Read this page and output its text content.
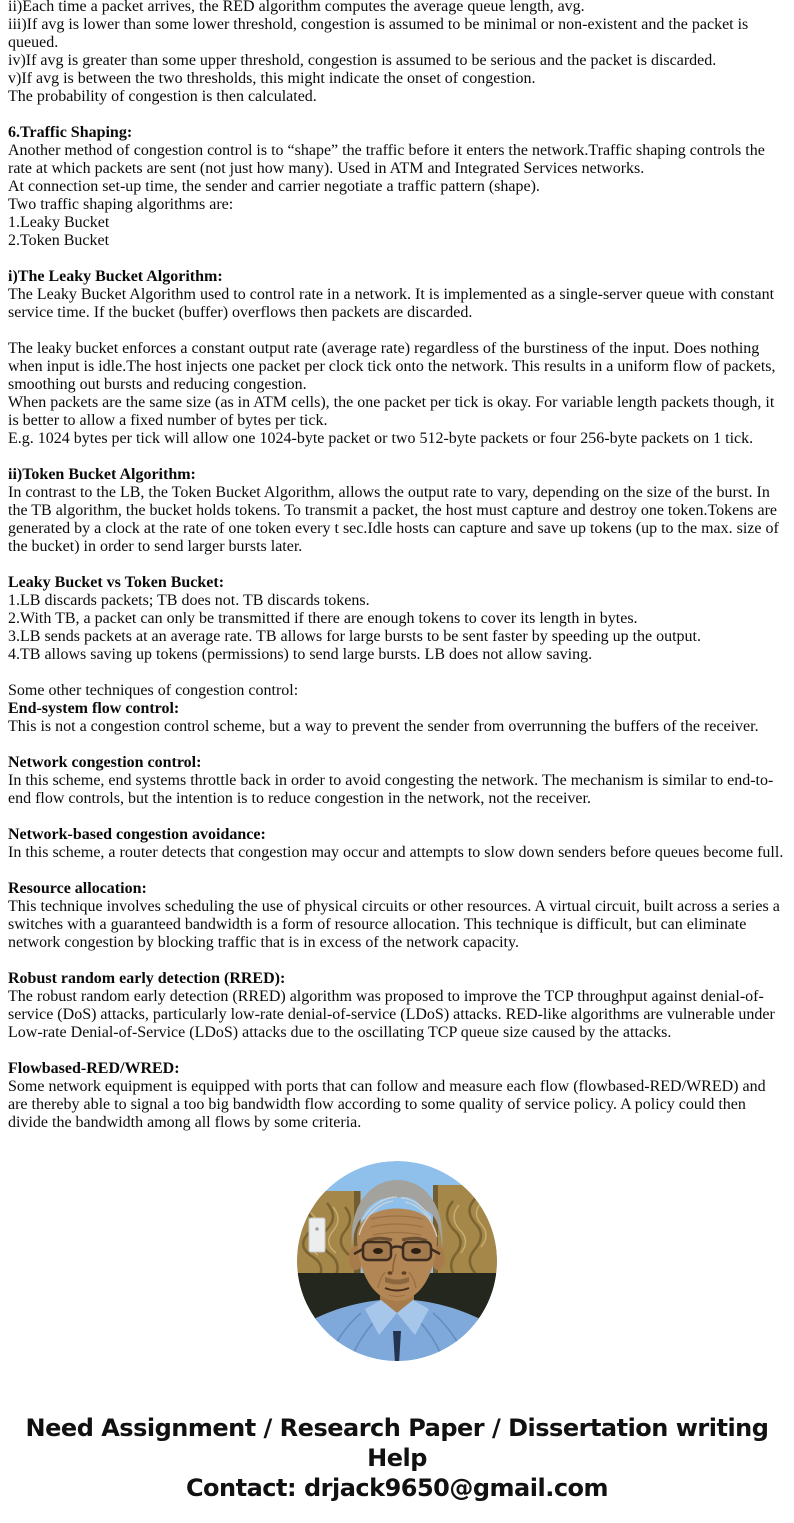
ii)Each time a packet arrives, the RED algorithm computes the average queue length, avg.
iii)If avg is lower than some lower threshold, congestion is assumed to be minimal or non-existent and the packet is queued.
iv)If avg is greater than some upper threshold, congestion is assumed to be serious and the packet is discarded.
v)If avg is between the two thresholds, this might indicate the onset of congestion.
The probability of congestion is then calculated.
6.Traffic Shaping:
Another method of congestion control is to “shape” the traffic before it enters the network.Traffic shaping controls the rate at which packets are sent (not just how many). Used in ATM and Integrated Services networks.
At connection set-up time, the sender and carrier negotiate a traffic pattern (shape).
Two traffic shaping algorithms are:
1.Leaky Bucket
2.Token Bucket
i)The Leaky Bucket Algorithm:
The Leaky Bucket Algorithm used to control rate in a network. It is implemented as a single-server queue with constant service time. If the bucket (buffer) overflows then packets are discarded.
The leaky bucket enforces a constant output rate (average rate) regardless of the burstiness of the input. Does nothing when input is idle.The host injects one packet per clock tick onto the network. This results in a uniform flow of packets, smoothing out bursts and reducing congestion.
When packets are the same size (as in ATM cells), the one packet per tick is okay. For variable length packets though, it is better to allow a fixed number of bytes per tick.
E.g. 1024 bytes per tick will allow one 1024-byte packet or two 512-byte packets or four 256-byte packets on 1 tick.
ii)Token Bucket Algorithm:
In contrast to the LB, the Token Bucket Algorithm, allows the output rate to vary, depending on the size of the burst. In the TB algorithm, the bucket holds tokens. To transmit a packet, the host must capture and destroy one token.Tokens are generated by a clock at the rate of one token every t sec.Idle hosts can capture and save up tokens (up to the max. size of the bucket) in order to send larger bursts later.
Leaky Bucket vs Token Bucket:
1.LB discards packets; TB does not. TB discards tokens.
2.With TB, a packet can only be transmitted if there are enough tokens to cover its length in bytes.
3.LB sends packets at an average rate. TB allows for large bursts to be sent faster by speeding up the output.
4.TB allows saving up tokens (permissions) to send large bursts. LB does not allow saving.
Some other techniques of congestion control:
End-system flow control:
This is not a congestion control scheme, but a way to prevent the sender from overrunning the buffers of the receiver.
Network congestion control:
In this scheme, end systems throttle back in order to avoid congesting the network. The mechanism is similar to end-to-end flow controls, but the intention is to reduce congestion in the network, not the receiver.
Network-based congestion avoidance:
In this scheme, a router detects that congestion may occur and attempts to slow down senders before queues become full.
Resource allocation:
This technique involves scheduling the use of physical circuits or other resources. A virtual circuit, built across a series a switches with a guaranteed bandwidth is a form of resource allocation. This technique is difficult, but can eliminate network congestion by blocking traffic that is in excess of the network capacity.
Robust random early detection (RRED):
The robust random early detection (RRED) algorithm was proposed to improve the TCP throughput against denial-of-service (DoS) attacks, particularly low-rate denial-of-service (LDoS) attacks. RED-like algorithms are vulnerable under Low-rate Denial-of-Service (LDoS) attacks due to the oscillating TCP queue size caused by the attacks.
Flowbased-RED/WRED:
Some network equipment is equipped with ports that can follow and measure each flow (flowbased-RED/WRED) and are thereby able to signal a too big bandwidth flow according to some quality of service policy. A policy could then divide the bandwidth among all flows by some criteria.
Need Assignment / Research Paper / Dissertation writing Help
Contact: drjack9650@gmail.com
